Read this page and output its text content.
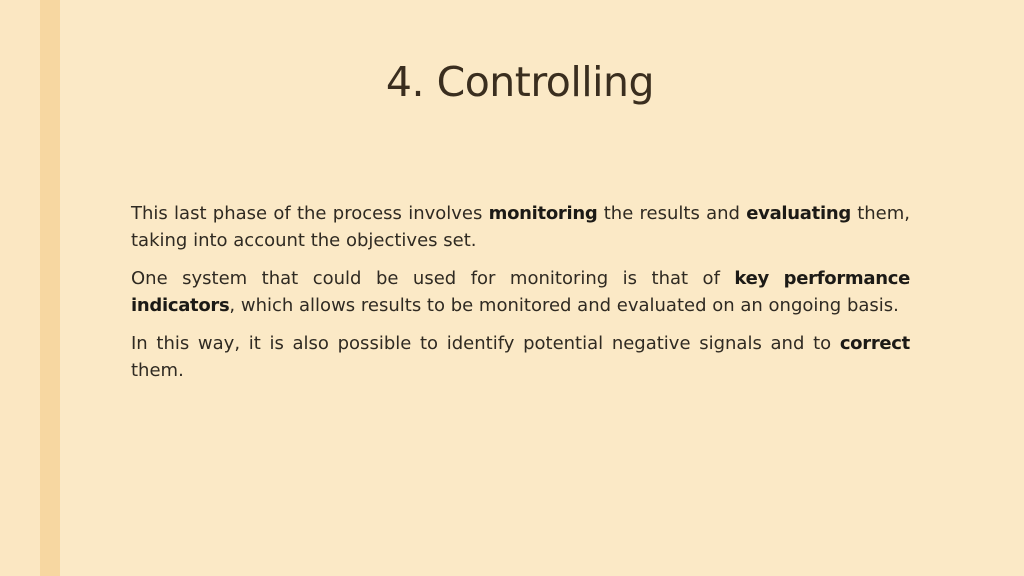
4. Controlling

This last phase of the process involves monitoring the results and evaluating them, taking into account the objectives set.

One system that could be used for monitoring is that of key performance indicators, which allows results to be monitored and evaluated on an ongoing basis.

In this way, it is also possible to identify potential negative signals and to correct them.
